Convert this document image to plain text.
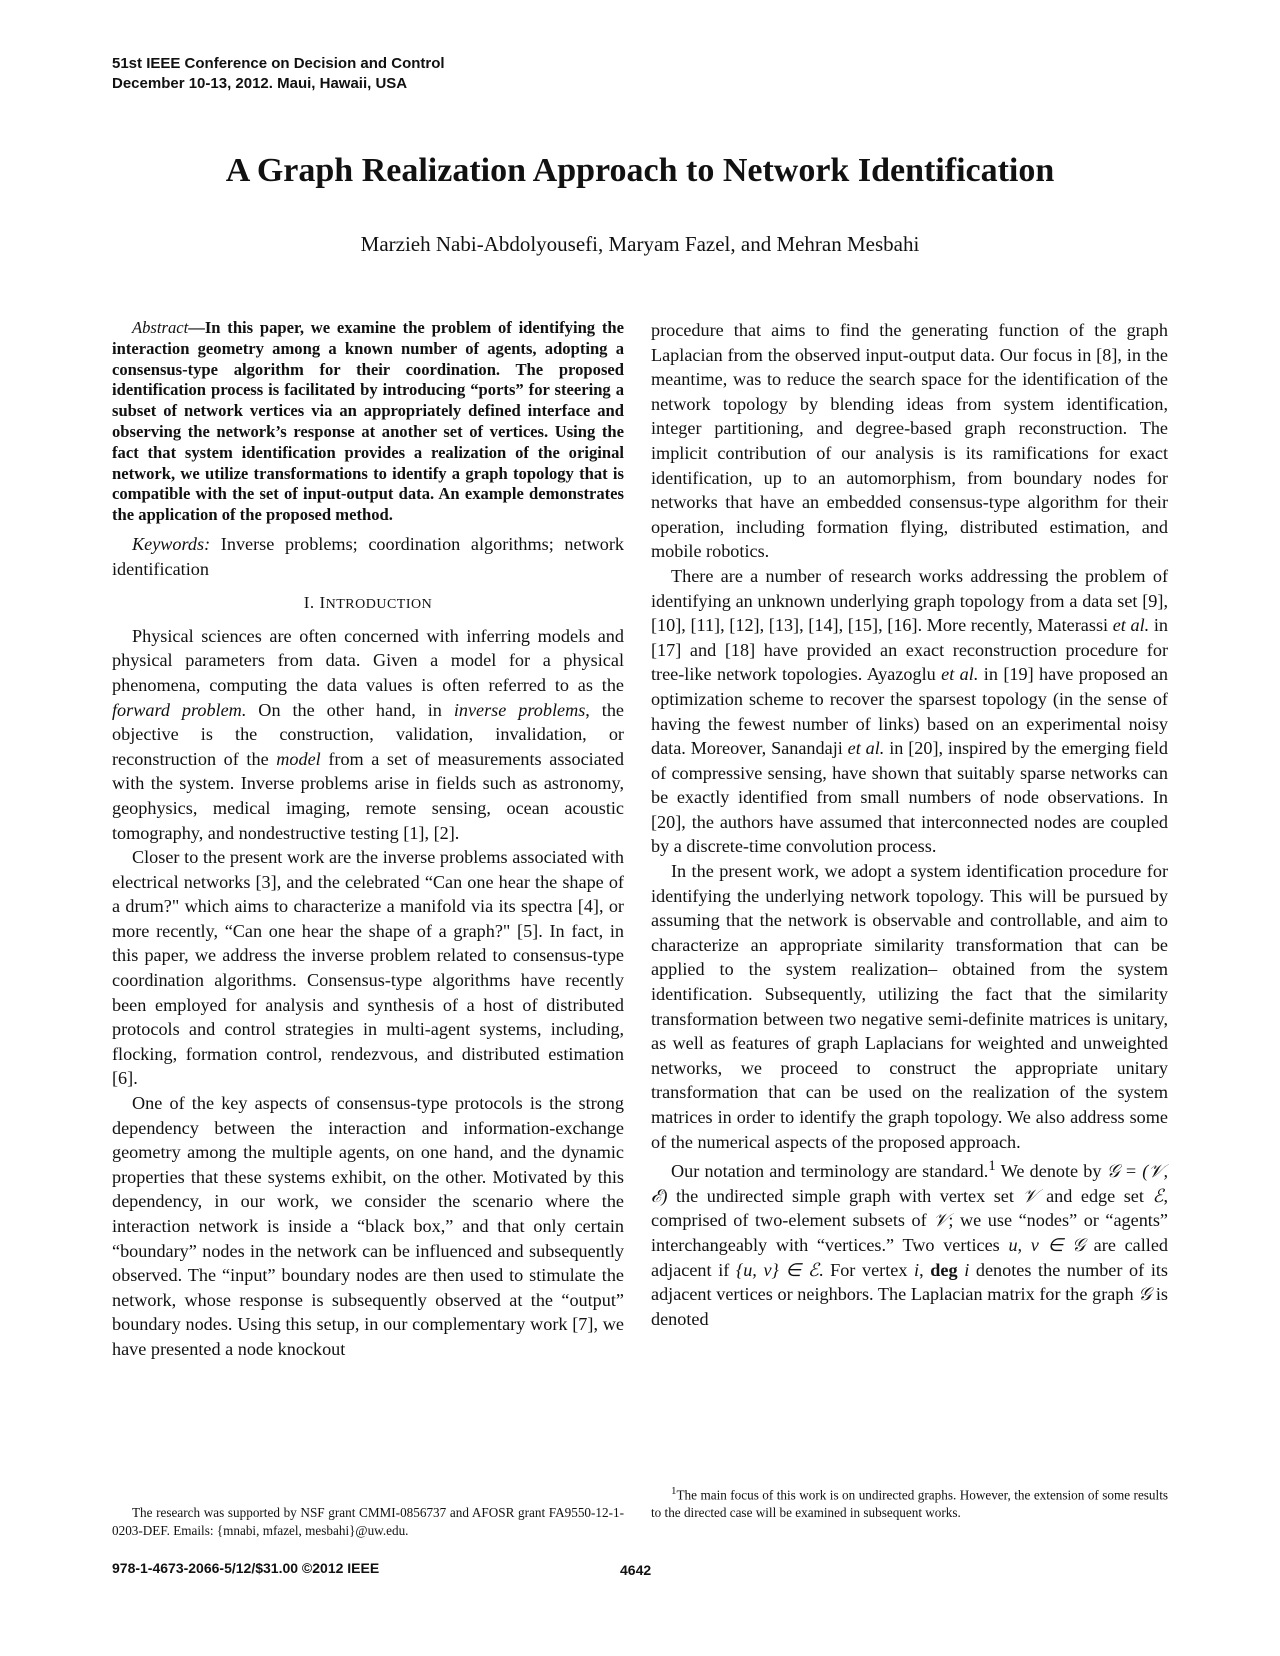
51st IEEE Conference on Decision and Control
December 10-13, 2012. Maui, Hawaii, USA
A Graph Realization Approach to Network Identification
Marzieh Nabi-Abdolyousefi, Maryam Fazel, and Mehran Mesbahi

Abstract—In this paper, we examine the problem of identifying the interaction geometry among a known number of agents, adopting a consensus-type algorithm for their coordination. The proposed identification process is facilitated by introducing “ports” for steering a subset of network vertices via an appropriately defined interface and observing the network’s response at another set of vertices. Using the fact that system identification provides a realization of the original network, we utilize transformations to identify a graph topology that is compatible with the set of input-output data. An example demonstrates the application of the proposed method.

Keywords: Inverse problems; coordination algorithms; network identification

I. INTRODUCTION

Physical sciences are often concerned with inferring models and physical parameters from data. Given a model for a physical phenomena, computing the data values is often referred to as the forward problem. On the other hand, in inverse problems, the objective is the construction, validation, invalidation, or reconstruction of the model from a set of measurements associated with the system. Inverse problems arise in fields such as astronomy, geophysics, medical imaging, remote sensing, ocean acoustic tomography, and nondestructive testing [1], [2].

Closer to the present work are the inverse problems associated with electrical networks [3], and the celebrated “Can one hear the shape of a drum?" which aims to characterize a manifold via its spectra [4], or more recently, “Can one hear the shape of a graph?" [5]. In fact, in this paper, we address the inverse problem related to consensus-type coordination algorithms. Consensus-type algorithms have recently been employed for analysis and synthesis of a host of distributed protocols and control strategies in multi-agent systems, including, flocking, formation control, rendezvous, and distributed estimation [6].

One of the key aspects of consensus-type protocols is the strong dependency between the interaction and information-exchange geometry among the multiple agents, on one hand, and the dynamic properties that these systems exhibit, on the other. Motivated by this dependency, in our work, we consider the scenario where the interaction network is inside a “black box,” and that only certain “boundary” nodes in the network can be influenced and subsequently observed. The “input” boundary nodes are then used to stimulate the network, whose response is subsequently observed at the “output” boundary nodes. Using this setup, in our complementary work [7], we have presented a node knockout

procedure that aims to find the generating function of the graph Laplacian from the observed input-output data. Our focus in [8], in the meantime, was to reduce the search space for the identification of the network topology by blending ideas from system identification, integer partitioning, and degree-based graph reconstruction. The implicit contribution of our analysis is its ramifications for exact identification, up to an automorphism, from boundary nodes for networks that have an embedded consensus-type algorithm for their operation, including formation flying, distributed estimation, and mobile robotics.

There are a number of research works addressing the problem of identifying an unknown underlying graph topology from a data set [9], [10], [11], [12], [13], [14], [15], [16]. More recently, Materassi et al. in [17] and [18] have provided an exact reconstruction procedure for tree-like network topologies. Ayazoglu et al. in [19] have proposed an optimization scheme to recover the sparsest topology (in the sense of having the fewest number of links) based on an experimental noisy data. Moreover, Sanandaji et al. in [20], inspired by the emerging field of compressive sensing, have shown that suitably sparse networks can be exactly identified from small numbers of node observations. In [20], the authors have assumed that interconnected nodes are coupled by a discrete-time convolution process.

In the present work, we adopt a system identification procedure for identifying the underlying network topology. This will be pursued by assuming that the network is observable and controllable, and aim to characterize an appropriate similarity transformation that can be applied to the system realization– obtained from the system identification. Subsequently, utilizing the fact that the similarity transformation between two negative semi-definite matrices is unitary, as well as features of graph Laplacians for weighted and unweighted networks, we proceed to construct the appropriate unitary transformation that can be used on the realization of the system matrices in order to identify the graph topology. We also address some of the numerical aspects of the proposed approach.

Our notation and terminology are standard.$^1$ We denote by 𝒢 = (𝒱, ℰ) the undirected simple graph with vertex set 𝒱 and edge set ℰ, comprised of two-element subsets of 𝒱; we use “nodes” or “agents” interchangeably with “vertices.” Two vertices u, v ∈ 𝒢 are called adjacent if {u, v} ∈ ℰ. For vertex i, deg i denotes the number of its adjacent vertices or neighbors. The Laplacian matrix for the graph 𝒢 is denoted

The research was supported by NSF grant CMMI-0856737 and AFOSR grant FA9550-12-1-0203-DEF. Emails: {mnabi, mfazel, mesbahi}@uw.edu.

$^1$The main focus of this work is on undirected graphs. However, the extension of some results to the directed case will be examined in subsequent works.

978-1-4673-2066-5/12/$31.00 ©2012 IEEE	4642
